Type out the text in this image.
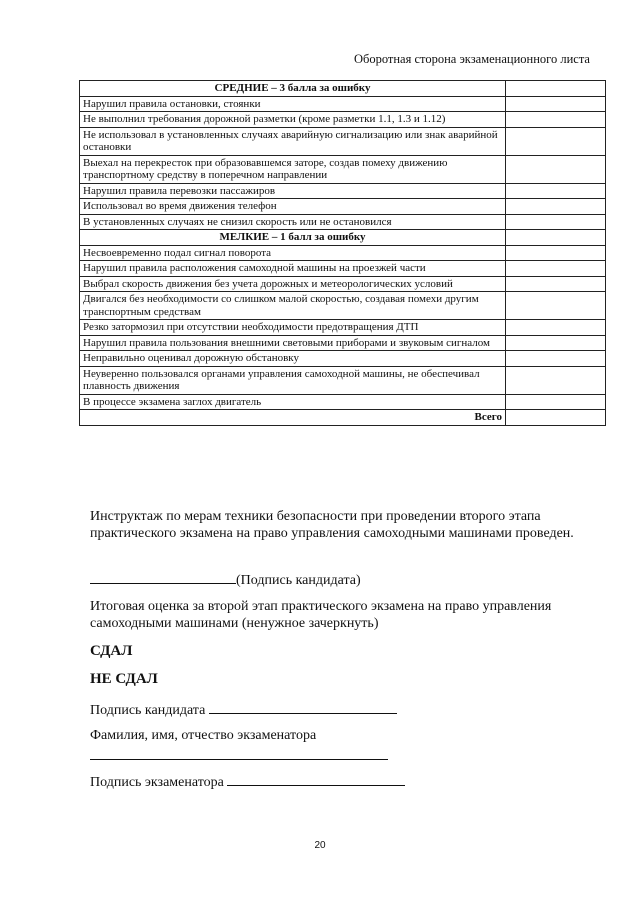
Оборотная сторона экзаменационного листа
СРЕДНИЕ – 3 балла за ошибку	
Нарушил правила остановки, стоянки	
Не выполнил требования дорожной разметки (кроме разметки 1.1, 1.3 и 1.12)	
Не использовал в установленных случаях аварийную сигнализацию или знак аварийной остановки	
Выехал на перекресток при образовавшемся заторе, создав помеху движению транспортному средству в поперечном направлении	
Нарушил правила перевозки пассажиров	
Использовал во время движения телефон	
В установленных случаях не снизил скорость или не остановился	
МЕЛКИЕ – 1 балл за ошибку	
Несвоевременно подал сигнал поворота	
Нарушил правила расположения самоходной машины на проезжей части	
Выбрал скорость движения без учета дорожных и метеорологических условий	
Двигался без необходимости со слишком малой скоростью, создавая помехи другим транспортным средствам	
Резко затормозил при отсутствии необходимости предотвращения ДТП	
Нарушил правила пользования внешними световыми приборами и звуковым сигналом	
Неправильно оценивал дорожную обстановку	
Неуверенно пользовался органами управления самоходной машины, не обеспечивал плавность движения	
В процессе экзамена заглох двигатель	
Всего	
Инструктаж по мерам техники безопасности при проведении второго этапа практического экзамена на право управления самоходными машинами проведен.
(Подпись кандидата)
Итоговая оценка за второй этап практического экзамена на право управления самоходными машинами (ненужное зачеркнуть)
СДАЛ
НЕ СДАЛ
Подпись кандидата
Фамилия, имя, отчество экзаменатора
Подпись экзаменатора
20
